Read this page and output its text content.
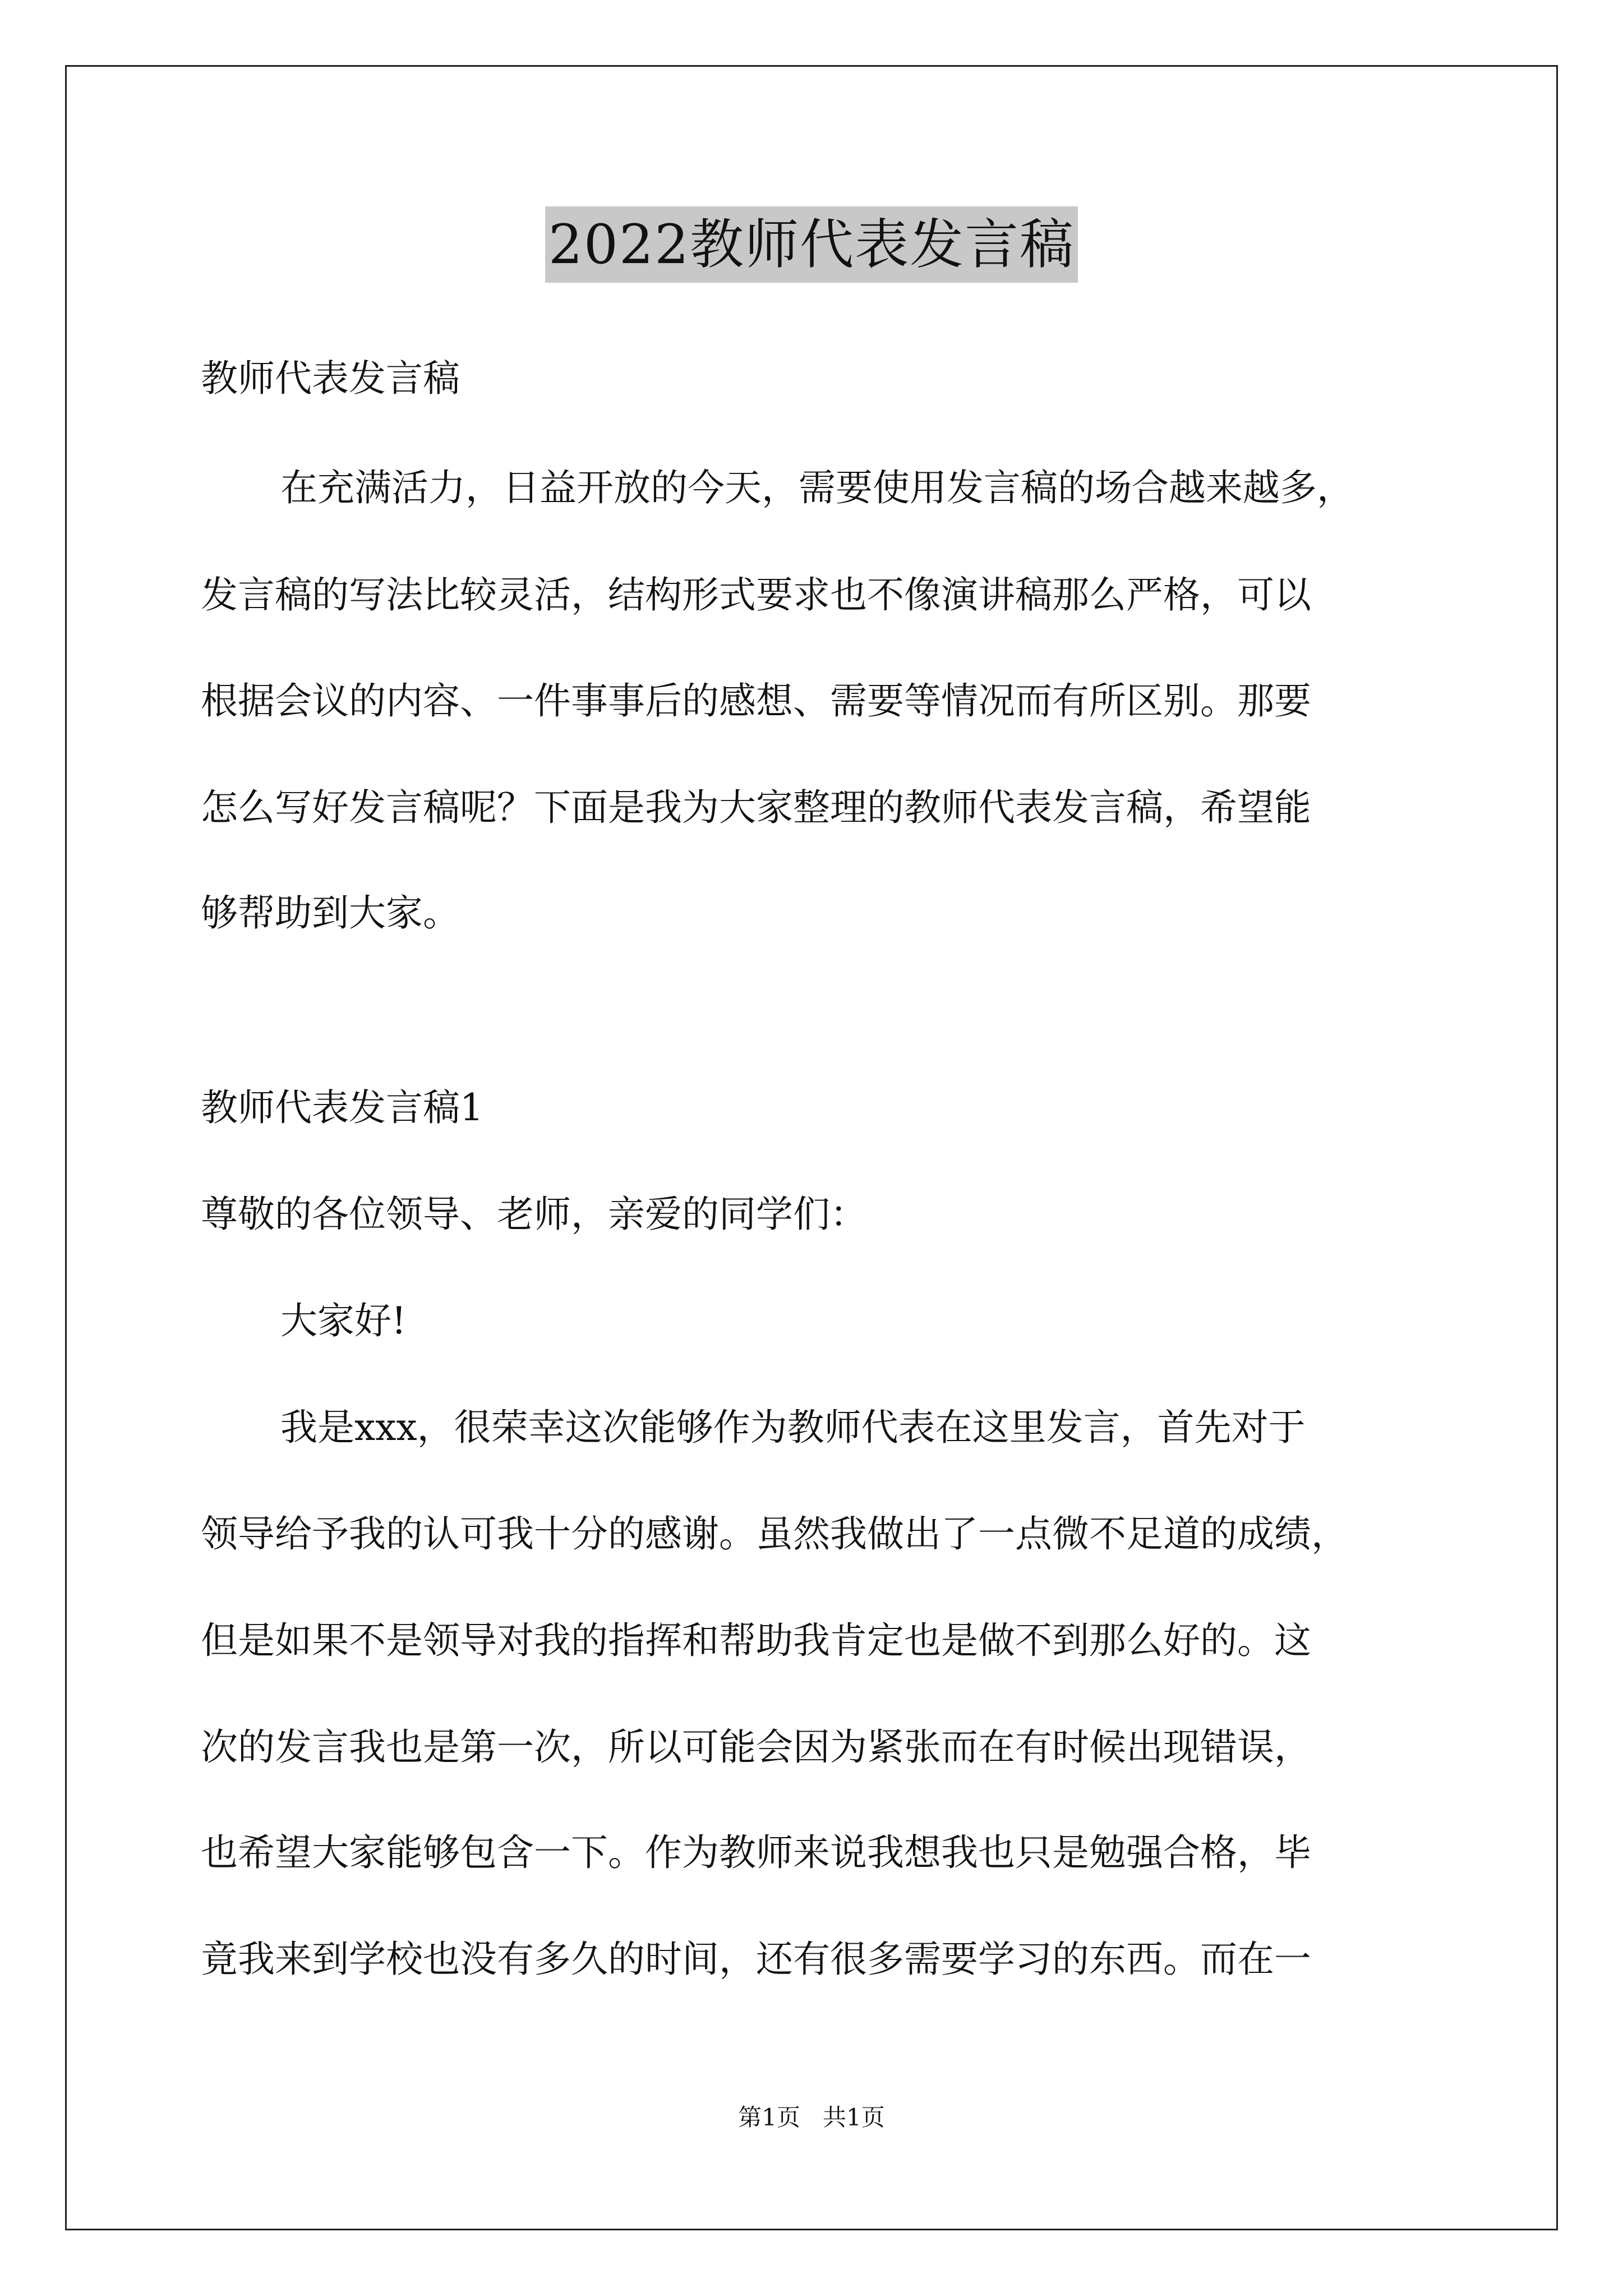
2022教师代表发言稿
教师代表发言稿
在充满活力，日益开放的今天，需要使用发言稿的场合越来越多，
发言稿的写法比较灵活，结构形式要求也不像演讲稿那么严格，可以
根据会议的内容、一件事事后的感想、需要等情况而有所区别。那要
怎么写好发言稿呢？下面是我为大家整理的教师代表发言稿，希望能
够帮助到大家。
教师代表发言稿1
尊敬的各位领导、老师，亲爱的同学们：
大家好!
我是xxx，很荣幸这次能够作为教师代表在这里发言，首先对于
领导给予我的认可我十分的感谢。虽然我做出了一点微不足道的成绩，
但是如果不是领导对我的指挥和帮助我肯定也是做不到那么好的。这
次的发言我也是第一次，所以可能会因为紧张而在有时候出现错误，
也希望大家能够包含一下。作为教师来说我想我也只是勉强合格，毕
竟我来到学校也没有多久的时间，还有很多需要学习的东西。而在一
第1页   共1页
